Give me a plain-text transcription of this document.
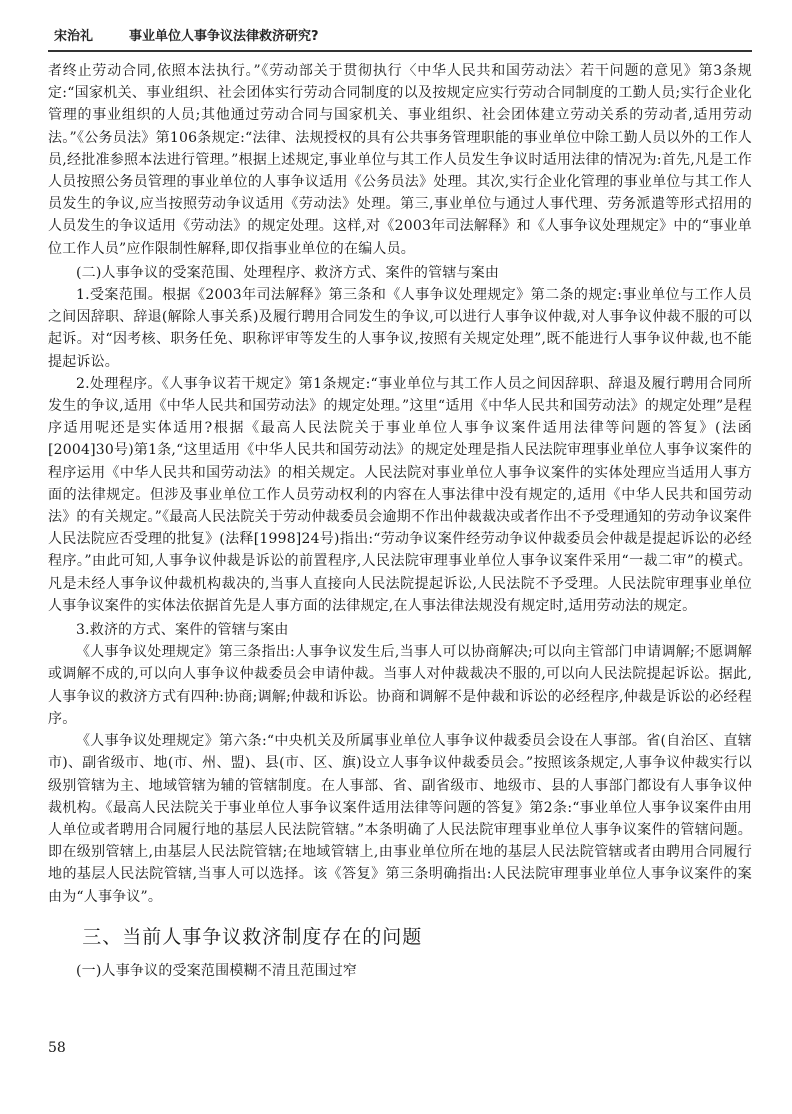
宋治礼	事业单位人事争议法律救济研究?

者终止劳动合同,依照本法执行。”《劳动部关于贯彻执行〈中华人民共和国劳动法〉若干问题的意见》第3条规定:“国家机关、事业组织、社会团体实行劳动合同制度的以及按规定应实行劳动合同制度的工勤人员;实行企业化管理的事业组织的人员;其他通过劳动合同与国家机关、事业组织、社会团体建立劳动关系的劳动者,适用劳动法。”《公务员法》第106条规定:“法律、法规授权的具有公共事务管理职能的事业单位中除工勤人员以外的工作人员,经批准参照本法进行管理。”根据上述规定,事业单位与其工作人员发生争议时适用法律的情况为:首先,凡是工作人员按照公务员管理的事业单位的人事争议适用《公务员法》处理。其次,实行企业化管理的事业单位与其工作人员发生的争议,应当按照劳动争议适用《劳动法》处理。第三,事业单位与通过人事代理、劳务派遣等形式招用的人员发生的争议适用《劳动法》的规定处理。这样,对《2003年司法解释》和《人事争议处理规定》中的“事业单位工作人员”应作限制性解释,即仅指事业单位的在编人员。

(二)人事争议的受案范围、处理程序、救济方式、案件的管辖与案由

1.受案范围。根据《2003年司法解释》第三条和《人事争议处理规定》第二条的规定:事业单位与工作人员之间因辞职、辞退(解除人事关系)及履行聘用合同发生的争议,可以进行人事争议仲裁,对人事争议仲裁不服的可以起诉。对“因考核、职务任免、职称评审等发生的人事争议,按照有关规定处理”,既不能进行人事争议仲裁,也不能提起诉讼。

2.处理程序。《人事争议若干规定》第1条规定:“事业单位与其工作人员之间因辞职、辞退及履行聘用合同所发生的争议,适用《中华人民共和国劳动法》的规定处理。”这里“适用《中华人民共和国劳动法》的规定处理”是程序适用呢还是实体适用?根据《最高人民法院关于事业单位人事争议案件适用法律等问题的答复》(法函[2004]30号)第1条,“这里适用《中华人民共和国劳动法》的规定处理是指人民法院审理事业单位人事争议案件的程序运用《中华人民共和国劳动法》的相关规定。人民法院对事业单位人事争议案件的实体处理应当适用人事方面的法律规定。但涉及事业单位工作人员劳动权利的内容在人事法律中没有规定的,适用《中华人民共和国劳动法》的有关规定。”《最高人民法院关于劳动仲裁委员会逾期不作出仲裁裁决或者作出不予受理通知的劳动争议案件人民法院应否受理的批复》(法释[1998]24号)指出:“劳动争议案件经劳动争议仲裁委员会仲裁是提起诉讼的必经程序。”由此可知,人事争议仲裁是诉讼的前置程序,人民法院审理事业单位人事争议案件采用“一裁二审”的模式。凡是未经人事争议仲裁机构裁决的,当事人直接向人民法院提起诉讼,人民法院不予受理。人民法院审理事业单位人事争议案件的实体法依据首先是人事方面的法律规定,在人事法律法规没有规定时,适用劳动法的规定。

3.救济的方式、案件的管辖与案由

《人事争议处理规定》第三条指出:人事争议发生后,当事人可以协商解决;可以向主管部门申请调解;不愿调解或调解不成的,可以向人事争议仲裁委员会申请仲裁。当事人对仲裁裁决不服的,可以向人民法院提起诉讼。据此,人事争议的救济方式有四种:协商;调解;仲裁和诉讼。协商和调解不是仲裁和诉讼的必经程序,仲裁是诉讼的必经程序。

《人事争议处理规定》第六条:“中央机关及所属事业单位人事争议仲裁委员会设在人事部。省(自治区、直辖市)、副省级市、地(市、州、盟)、县(市、区、旗)设立人事争议仲裁委员会。”按照该条规定,人事争议仲裁实行以级别管辖为主、地域管辖为辅的管辖制度。在人事部、省、副省级市、地级市、县的人事部门都设有人事争议仲裁机构。《最高人民法院关于事业单位人事争议案件适用法律等问题的答复》第2条:“事业单位人事争议案件由用人单位或者聘用合同履行地的基层人民法院管辖。”本条明确了人民法院审理事业单位人事争议案件的管辖问题。即在级别管辖上,由基层人民法院管辖;在地域管辖上,由事业单位所在地的基层人民法院管辖或者由聘用合同履行地的基层人民法院管辖,当事人可以选择。该《答复》第三条明确指出:人民法院审理事业单位人事争议案件的案由为“人事争议”。

三、当前人事争议救济制度存在的问题

(一)人事争议的受案范围模糊不清且范围过窄

58
